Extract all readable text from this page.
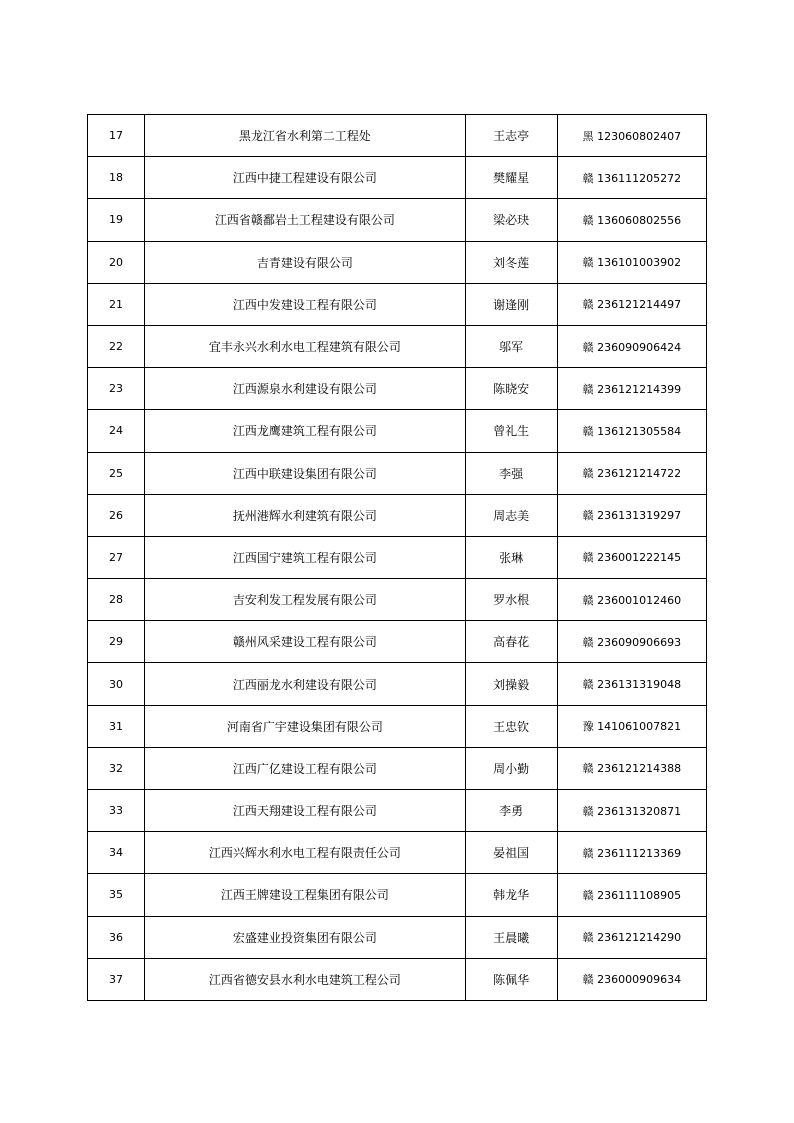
17	黑龙江省水利第二工程处	王志亭	黑 123060802407
18	江西中捷工程建设有限公司	樊耀星	赣 136111205272
19	江西省赣鄱岩土工程建设有限公司	梁必玦	赣 136060802556
20	吉青建设有限公司	刘冬莲	赣 136101003902
21	江西中发建设工程有限公司	谢逢刚	赣 236121214497
22	宜丰永兴水利水电工程建筑有限公司	邬军	赣 236090906424
23	江西源泉水利建设有限公司	陈晓安	赣 236121214399
24	江西龙鹰建筑工程有限公司	曾礼生	赣 136121305584
25	江西中联建设集团有限公司	李强	赣 236121214722
26	抚州港辉水利建筑有限公司	周志美	赣 236131319297
27	江西国宁建筑工程有限公司	张琳	赣 236001222145
28	吉安利发工程发展有限公司	罗水根	赣 236001012460
29	赣州风采建设工程有限公司	高春花	赣 236090906693
30	江西丽龙水利建设有限公司	刘操毅	赣 236131319048
31	河南省广宇建设集团有限公司	王忠钦	豫 141061007821
32	江西广亿建设工程有限公司	周小勤	赣 236121214388
33	江西天翔建设工程有限公司	李勇	赣 236131320871
34	江西兴辉水利水电工程有限责任公司	晏祖国	赣 236111213369
35	江西王牌建设工程集团有限公司	韩龙华	赣 236111108905
36	宏盛建业投资集团有限公司	王晨曦	赣 236121214290
37	江西省德安县水利水电建筑工程公司	陈佩华	赣 236000909634
